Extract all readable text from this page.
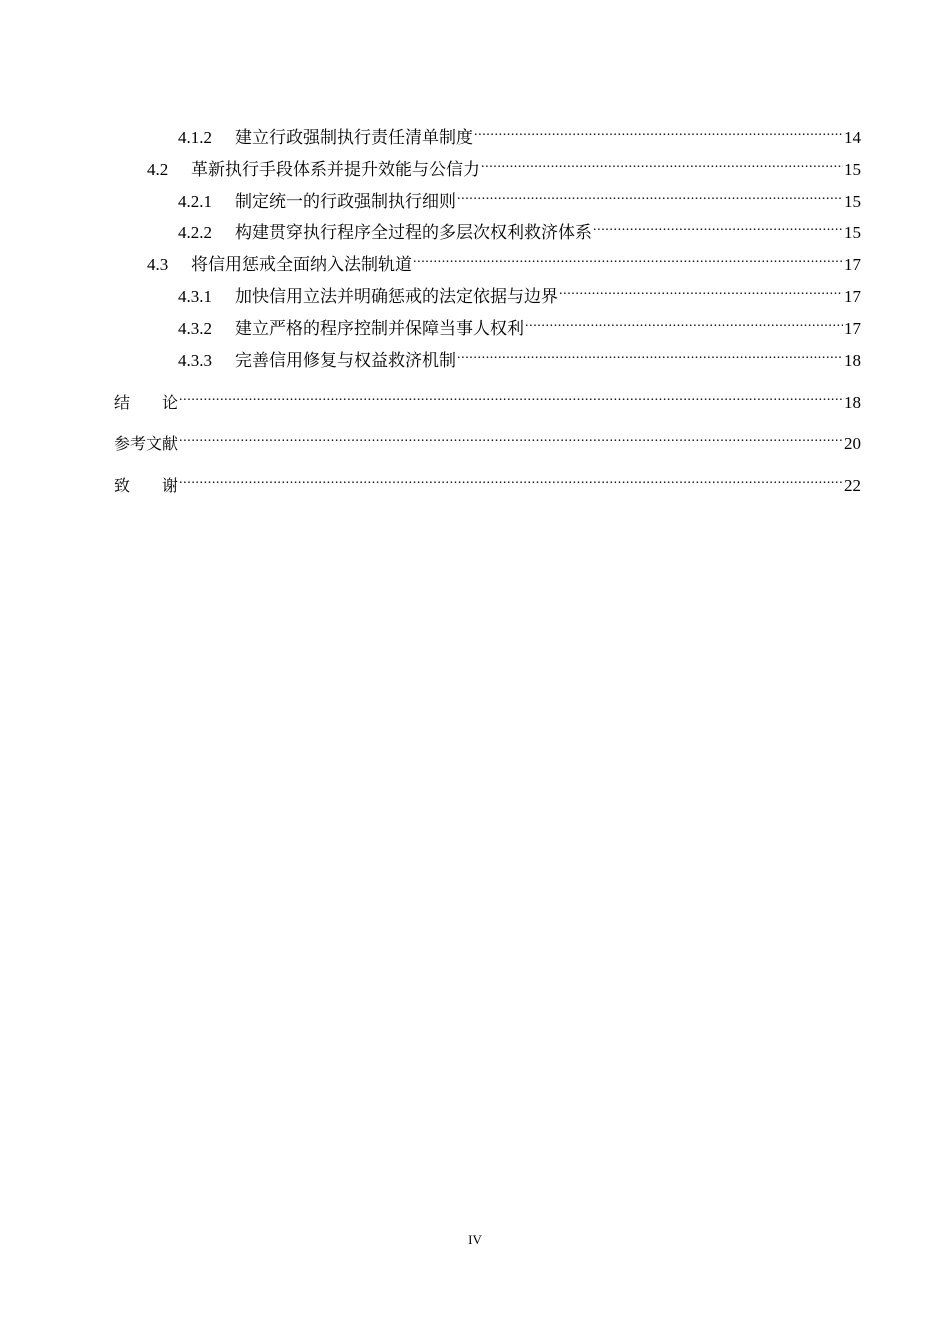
4.1.2	建立行政强制执行责任清单制度 .....	14
4.2	革新执行手段体系并提升效能与公信力 .....	15
4.2.1	制定统一的行政强制执行细则 .....	15
4.2.2	构建贯穿执行程序全过程的多层次权利救济体系 .....	15
4.3	将信用惩戒全面纳入法制轨道 .....	17
4.3.1	加快信用立法并明确惩戒的法定依据与边界 .....	17
4.3.2	建立严格的程序控制并保障当事人权利 .....	17
4.3.3	完善信用修复与权益救济机制 .....	18
结　　论 .....	18
参考文献 .....	20
致　　谢 .....	22
IV
